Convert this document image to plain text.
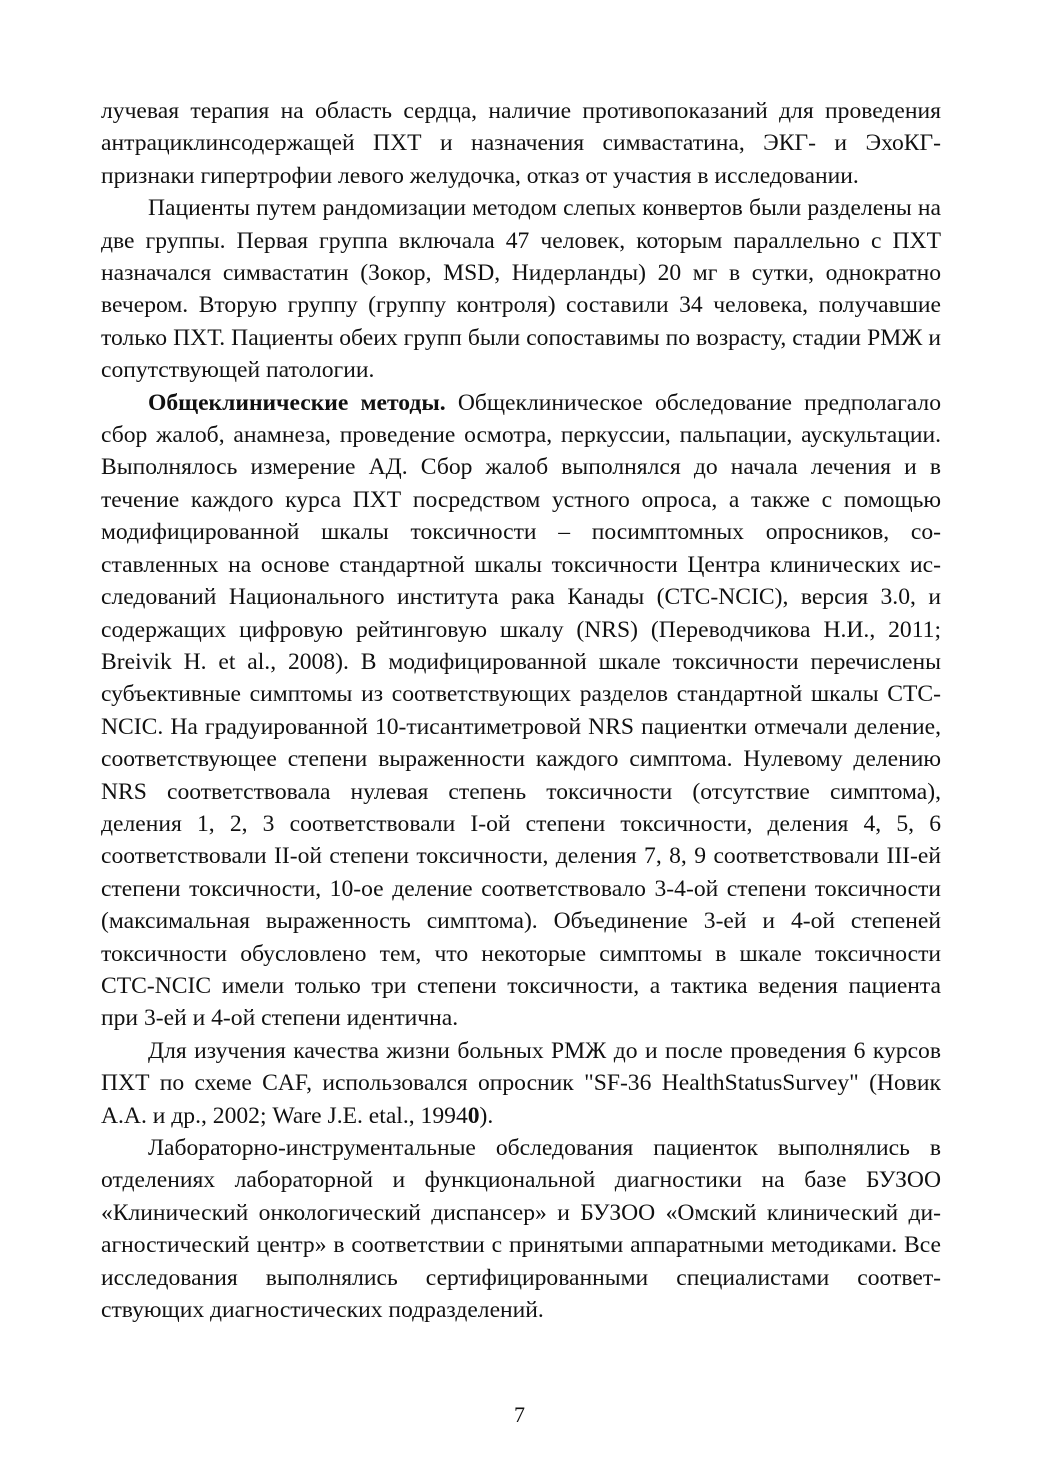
лучевая терапия на область сердца, наличие противопоказаний для проведения антрациклинсодержащей ПХТ и назначения симвастатина, ЭКГ- и ЭхоКГ-признаки гипертрофии левого желудочка, отказ от участия в исследовании.

Пациенты путем рандомизации методом слепых конвертов были разделены на две группы. Первая группа включала 47 человек, которым параллельно с ПХТ назначался симвастатин (Зокор, MSD, Нидерланды) 20 мг в сутки, однократно вечером. Вторую группу (группу контроля) составили 34 человека, получавшие только ПХТ. Пациенты обеих групп были сопоставимы по возрасту, стадии РМЖ и сопутствующей патологии.

Общеклинические методы. Общеклиническое обследование предполагало сбор жалоб, анамнеза, проведение осмотра, перкуссии, пальпации, аускультации. Выполнялось измерение АД. Сбор жалоб выполнялся до начала лечения и в течение каждого курса ПХТ посредством устного опроса, а также с помощью модифицированной шкалы токсичности – посимптомных опросников, составленных на основе стандартной шкалы токсичности Центра клинических исследований Национального института рака Канады (CTC-NCIC), версия 3.0, и содержащих цифровую рейтинговую шкалу (NRS) (Переводчикова Н.И., 2011; Breivik H. et al., 2008). В модифицированной шкале токсичности перечислены субъективные симптомы из соответствующих разделов стандартной шкалы CTC-NCIC. На градуированной 10-тисантиметровой NRS пациентки отмечали деление, соответствующее степени выраженности каждого симптома. Нулевому делению NRS соответствовала нулевая степень токсичности (отсутствие симптома), деления 1, 2, 3 соответствовали I-ой степени токсичности, деления 4, 5, 6 соответствовали II-ой степени токсичности, деления 7, 8, 9 соответствовали III-ей степени токсичности, 10-ое деление соответствовало 3-4-ой степени токсичности (максимальная выраженность симптома). Объединение 3-ей и 4-ой степеней токсичности обусловлено тем, что некоторые симптомы в шкале токсичности CTC-NCIC имели только три степени токсичности, а тактика ведения пациента при 3-ей и 4-ой степени идентична.

Для изучения качества жизни больных РМЖ до и после проведения 6 курсов ПХТ по схеме CAF, использовался опросник "SF-36 HealthStatusSurvey" (Новик А.А. и др., 2002; Ware J.E. etal., 19940).

Лабораторно-инструментальные обследования пациенток выполнялись в отделениях лабораторной и функциональной диагностики на базе БУЗОО «Клинический онкологический диспансер» и БУЗОО «Омский клинический диагностический центр» в соответствии с принятыми аппаратными методиками. Все исследования выполнялись сертифицированными специалистами соответствующих диагностических подразделений.

7
